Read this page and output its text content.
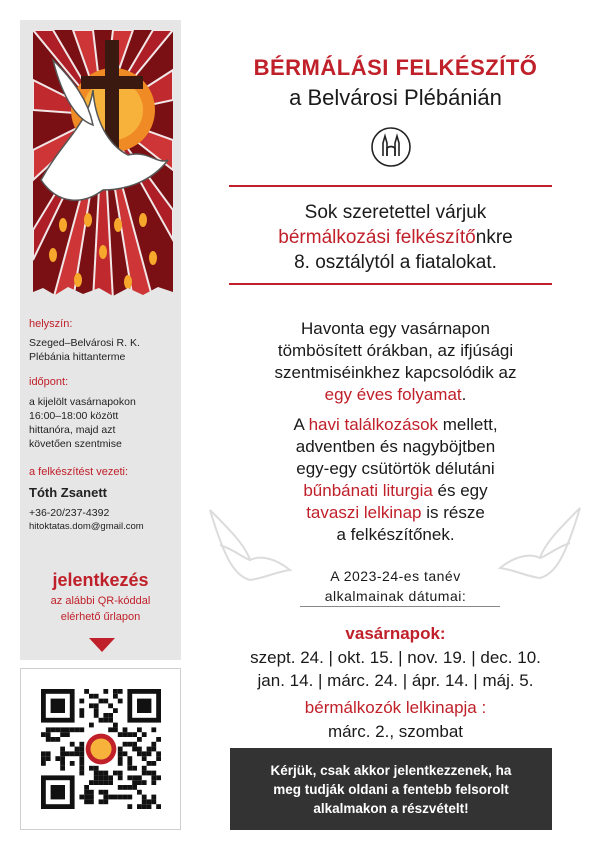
helyszín:
Szeged–Belvárosi R. K.
Plébánia hittanterme
időpont:
a kijelölt vasárnapokon
16:00–18:00 között
hittanóra, majd azt
követően szentmise
a felkészítést vezeti:
Tóth Zsanett
+36-20/237-4392
hitoktatas.dom@gmail.com
jelentkezés
az alábbi QR-kóddal
elérhető űrlapon
BÉRMÁLÁSI FELKÉSZÍTŐ
a Belvárosi Plébánián
Sok szeretettel várjuk
bérmálkozási felkészítőnkre
8. osztálytól a fiatalokat.
Havonta egy vasárnapon
tömbösített órákban, az ifjúsági
szentmiséinkhez kapcsolódik az
egy éves folyamat.
A havi találkozások mellett,
adventben és nagyböjtben
egy-egy csütörtök délutáni
bűnbánati liturgia és egy
tavaszi lelkinap is része
a felkészítőnek.
A 2023-24-es tanév
alkalmainak dátumai:
vasárnapok:
szept. 24. | okt. 15. | nov. 19. | dec. 10.
jan. 14. | márc. 24. | ápr. 14. | máj. 5.
bérmálkozók lelkinapja :
márc. 2., szombat
Kérjük, csak akkor jelentkezzenek, ha
meg tudják oldani a fentebb felsorolt
alkalmakon a részvételt!
